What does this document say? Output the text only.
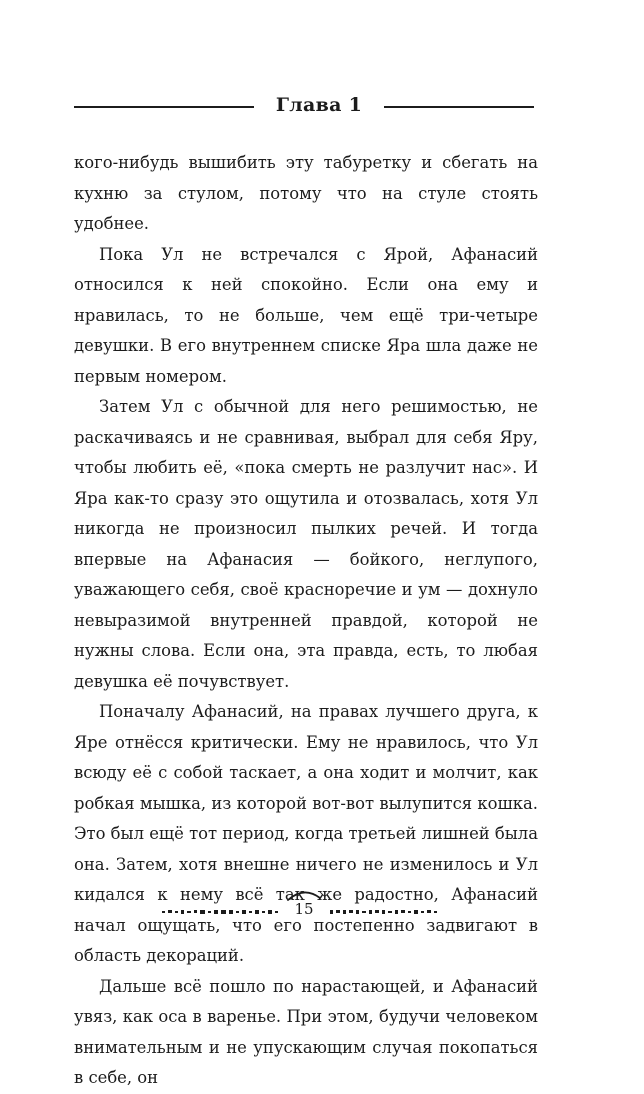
Глава 1

кого-нибудь вышибить эту табуретку и сбегать на кухню за стулом, потому что на стуле стоять удобнее.

Пока Ул не встречался с Ярой, Афанасий относился к ней спокойно. Если она ему и нравилась, то не больше, чем ещё три-четыре девушки. В его внутреннем списке Яра шла даже не первым номером.

Затем Ул с обычной для него решимостью, не раскачиваясь и не сравнивая, выбрал для себя Яру, чтобы любить её, «пока смерть не разлучит нас». И Яра как-то сразу это ощутила и отозвалась, хотя Ул никогда не произносил пылких речей. И тогда впервые на Афанасия — бойкого, неглупого, уважающего себя, своё красноречие и ум — дохнуло невыразимой внутренней правдой, которой не нужны слова. Если она, эта правда, есть, то любая девушка её почувствует.

Поначалу Афанасий, на правах лучшего друга, к Яре отнёсся критически. Ему не нравилось, что Ул всюду её с собой таскает, а она ходит и молчит, как робкая мышка, из которой вот-вот вылупится кошка. Это был ещё тот период, когда третьей лишней была она. Затем, хотя внешне ничего не изменилось и Ул кидался к нему всё так же радостно, Афанасий начал ощущать, что его постепенно задвигают в область декораций.

Дальше всё пошло по нарастающей, и Афанасий увяз, как оса в варенье. При этом, будучи человеком внимательным и не упускающим случая покопаться в себе, он

15
